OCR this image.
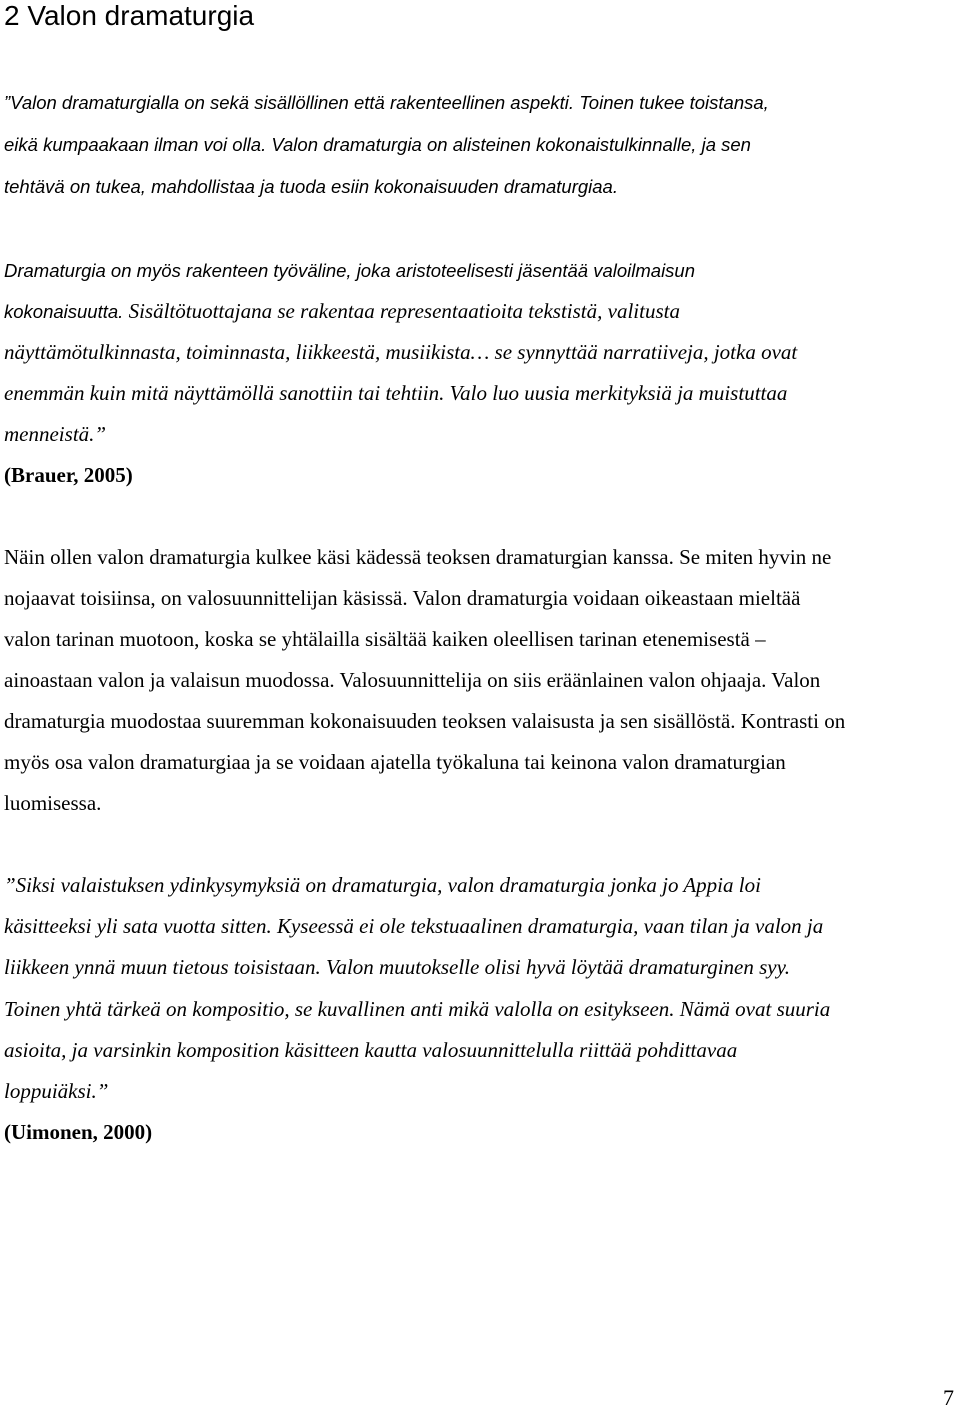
2 Valon dramaturgia
”Valon dramaturgialla on sekä sisällöllinen että rakenteellinen aspekti. Toinen tukee toistansa,
eikä kumpaakaan ilman voi olla. Valon dramaturgia on alisteinen kokonaistulkinnalle, ja sen
tehtävä on tukea, mahdollistaa ja tuoda esiin kokonaisuuden dramaturgiaa.
Dramaturgia on myös rakenteen työväline, joka aristoteelisesti jäsentää valoilmaisun
kokonaisuutta. Sisältötuottajana se rakentaa representaatioita tekstistä, valitusta
näyttämötulkinnasta, toiminnasta, liikkeestä, musiikista… se synnyttää narratiiveja, jotka ovat
enemmän kuin mitä näyttämöllä sanottiin tai tehtiin. Valo luo uusia merkityksiä ja muistuttaa
menneistä.”
(Brauer, 2005)
Näin ollen valon dramaturgia kulkee käsi kädessä teoksen dramaturgian kanssa. Se miten hyvin ne
nojaavat toisiinsa, on valosuunnittelijan käsissä. Valon dramaturgia voidaan oikeastaan mieltää
valon tarinan muotoon, koska se yhtälailla sisältää kaiken oleellisen tarinan etenemisestä –
ainoastaan valon ja valaisun muodossa. Valosuunnittelija on siis eräänlainen valon ohjaaja. Valon
dramaturgia muodostaa suuremman kokonaisuuden teoksen valaisusta ja sen sisällöstä. Kontrasti on
myös osa valon dramaturgiaa ja se voidaan ajatella työkaluna tai keinona valon dramaturgian
luomisessa.
”Siksi valaistuksen ydinkysymyksiä on dramaturgia, valon dramaturgia jonka jo Appia loi
käsitteeksi yli sata vuotta sitten. Kyseessä ei ole tekstuaalinen dramaturgia, vaan tilan ja valon ja
liikkeen ynnä muun tietous toisistaan. Valon muutokselle olisi hyvä löytää dramaturginen syy.
Toinen yhtä tärkeä on kompositio, se kuvallinen anti mikä valolla on esitykseen. Nämä ovat suuria
asioita, ja varsinkin komposition käsitteen kautta valosuunnittelulla riittää pohdittavaa
loppuiäksi.”
(Uimonen, 2000)
7
